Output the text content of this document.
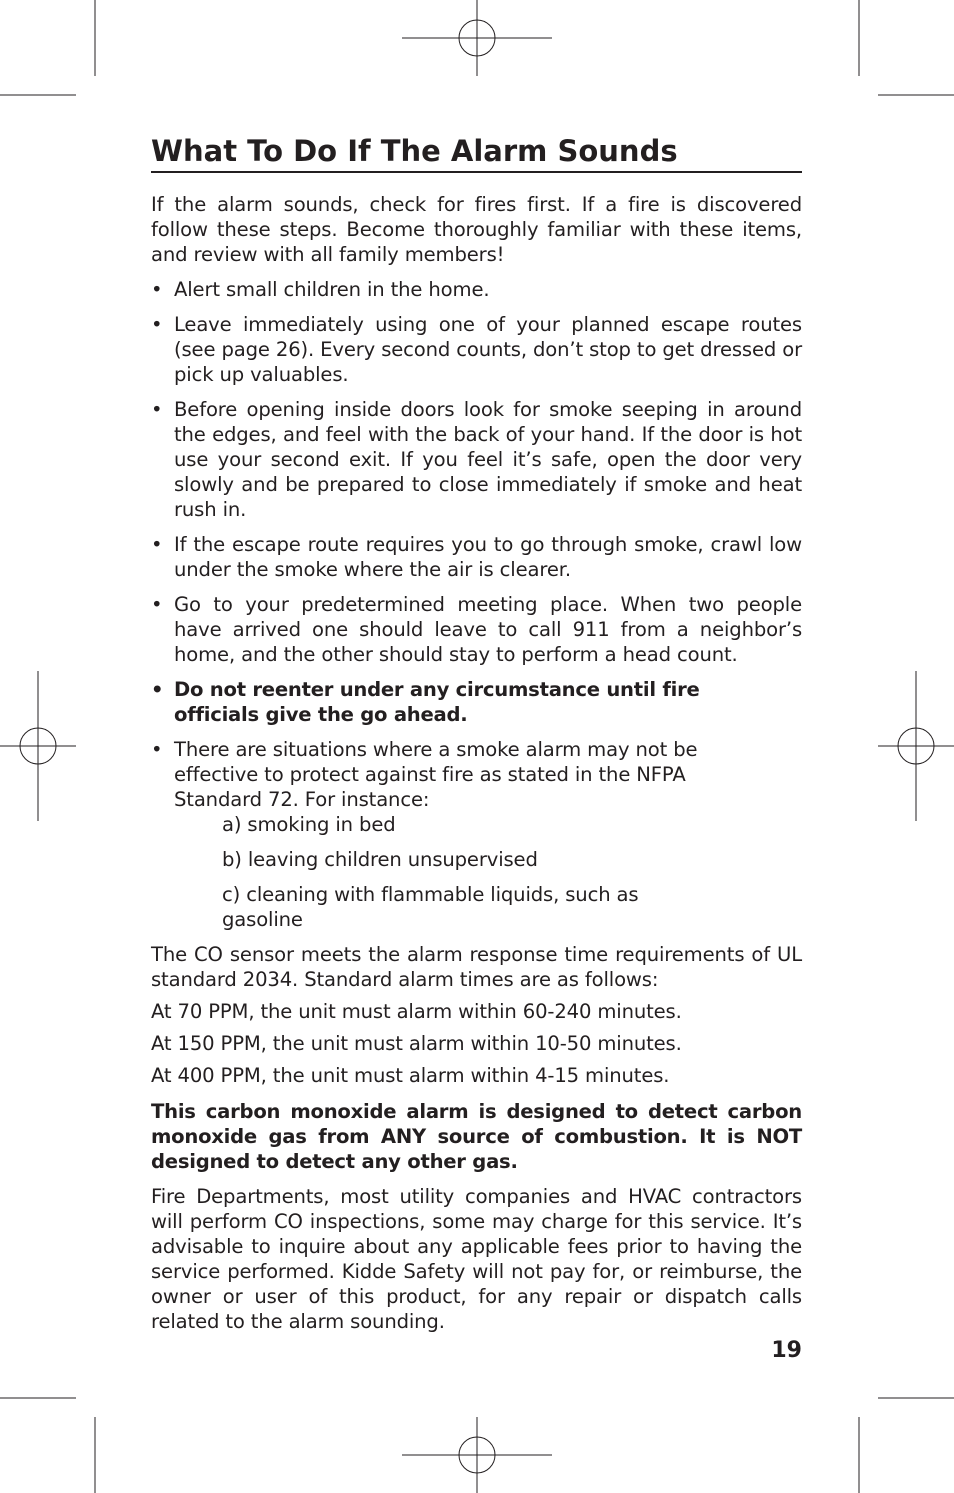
What To Do If The Alarm Sounds

If the alarm sounds, check for fires first. If a fire is discovered follow these steps. Become thoroughly familiar with these items, and review with all family members!

• Alert small children in the home.
• Leave immediately using one of your planned escape routes (see page 26). Every second counts, don’t stop to get dressed or pick up valuables.
• Before opening inside doors look for smoke seeping in around the edges, and feel with the back of your hand. If the door is hot use your second exit. If you feel it’s safe, open the door very slowly and be prepared to close immediately if smoke and heat rush in.
• If the escape route requires you to go through smoke, crawl low under the smoke where the air is clearer.
• Go to your predetermined meeting place. When two people have arrived one should leave to call 911 from a neighbor’s home, and the other should stay to perform a head count.
• Do not reenter under any circumstance until fire officials give the go ahead.
• There are situations where a smoke alarm may not be effective to protect against fire as stated in the NFPA Standard 72. For instance:
a) smoking in bed
b) leaving children unsupervised
c) cleaning with flammable liquids, such as gasoline

The CO sensor meets the alarm response time requirements of UL standard 2034. Standard alarm times are as follows:

At 70 PPM, the unit must alarm within 60-240 minutes.

At 150 PPM, the unit must alarm within 10-50 minutes.

At 400 PPM, the unit must alarm within 4-15 minutes.

This carbon monoxide alarm is designed to detect carbon monoxide gas from ANY source of combustion. It is NOT designed to detect any other gas.

Fire Departments, most utility companies and HVAC contractors will perform CO inspections, some may charge for this service. It’s advisable to inquire about any applicable fees prior to having the service performed. Kidde Safety will not pay for, or reimburse, the owner or user of this product, for any repair or dispatch calls related to the alarm sounding.

19
